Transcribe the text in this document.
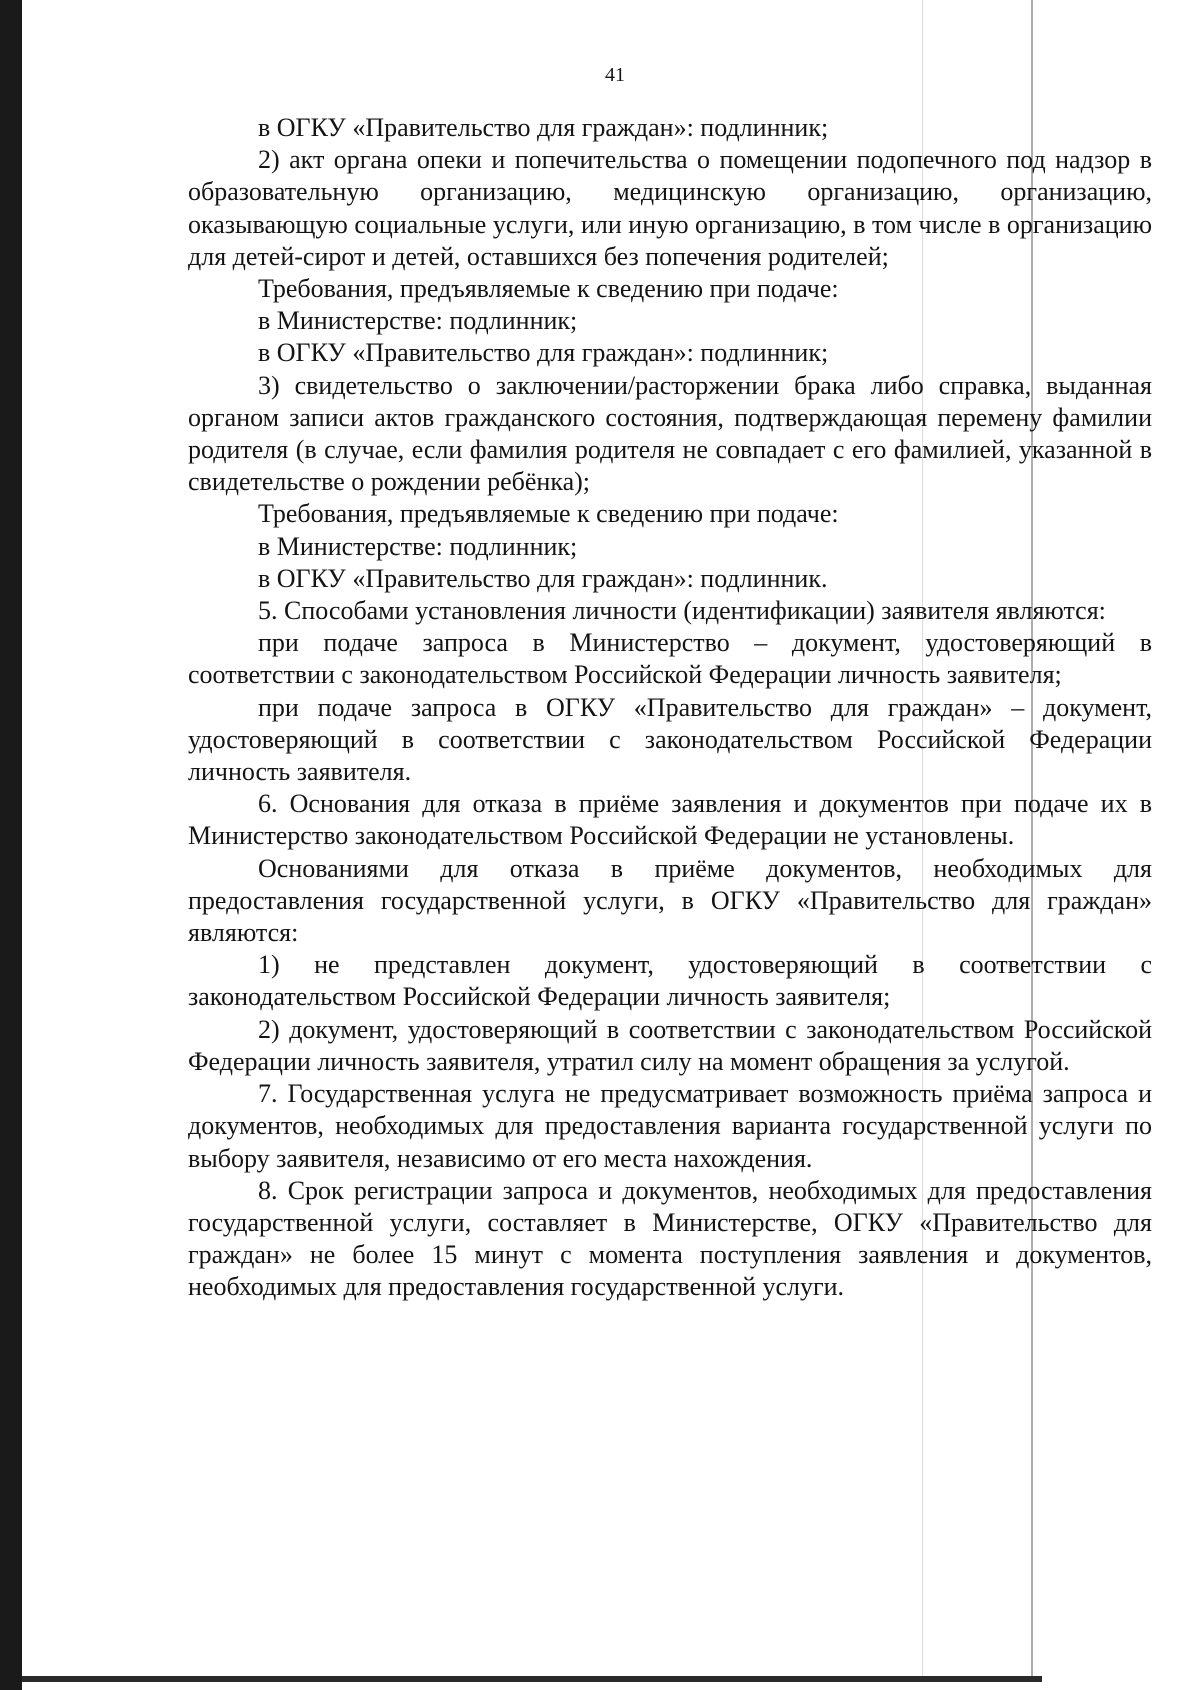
41

в ОГКУ «Правительство для граждан»: подлинник;

2) акт органа опеки и попечительства о помещении подопечного под надзор в образовательную организацию, медицинскую организацию, организацию, оказывающую социальные услуги, или иную организацию, в том числе в организацию для детей-сирот и детей, оставшихся без попечения родителей;

Требования, предъявляемые к сведению при подаче:

в Министерстве: подлинник;

в ОГКУ «Правительство для граждан»: подлинник;

3) свидетельство о заключении/расторжении брака либо справка, выданная органом записи актов гражданского состояния, подтверждающая перемену фамилии родителя (в случае, если фамилия родителя не совпадает с его фамилией, указанной в свидетельстве о рождении ребёнка);

Требования, предъявляемые к сведению при подаче:

в Министерстве: подлинник;

в ОГКУ «Правительство для граждан»: подлинник.

5. Способами установления личности (идентификации) заявителя являются:

при подаче запроса в Министерство – документ, удостоверяющий в соответствии с законодательством Российской Федерации личность заявителя;

при подаче запроса в ОГКУ «Правительство для граждан» – документ, удостоверяющий в соответствии с законодательством Российской Федерации личность заявителя.

6. Основания для отказа в приёме заявления и документов при подаче их в Министерство законодательством Российской Федерации не установлены.

Основаниями для отказа в приёме документов, необходимых для предоставления государственной услуги, в ОГКУ «Правительство для граждан» являются:

1) не представлен документ, удостоверяющий в соответствии с законодательством Российской Федерации личность заявителя;

2) документ, удостоверяющий в соответствии с законодательством Российской Федерации личность заявителя, утратил силу на момент обращения за услугой.

7. Государственная услуга не предусматривает возможность приёма запроса и документов, необходимых для предоставления варианта государственной услуги по выбору заявителя, независимо от его места нахождения.

8. Срок регистрации запроса и документов, необходимых для предоставления государственной услуги, составляет в Министерстве, ОГКУ «Правительство для граждан» не более 15 минут с момента поступления заявления и документов, необходимых для предоставления государственной услуги.
